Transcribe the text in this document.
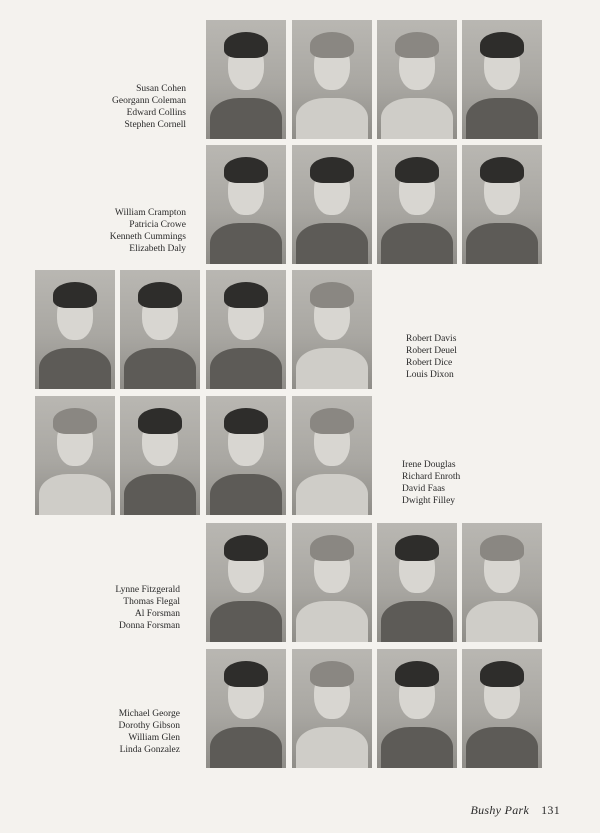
Susan Cohen
Georgann Coleman
Edward Collins
Stephen Cornell
William Crampton
Patricia Crowe
Kenneth Cummings
Elizabeth Daly
Robert Davis
Robert Deuel
Robert Dice
Louis Dixon
Irene Douglas
Richard Enroth
David Faas
Dwight Filley
Lynne Fitzgerald
Thomas Flegal
Al Forsman
Donna Forsman
Michael George
Dorothy Gibson
William Glen
Linda Gonzalez
Bushy Park 131
